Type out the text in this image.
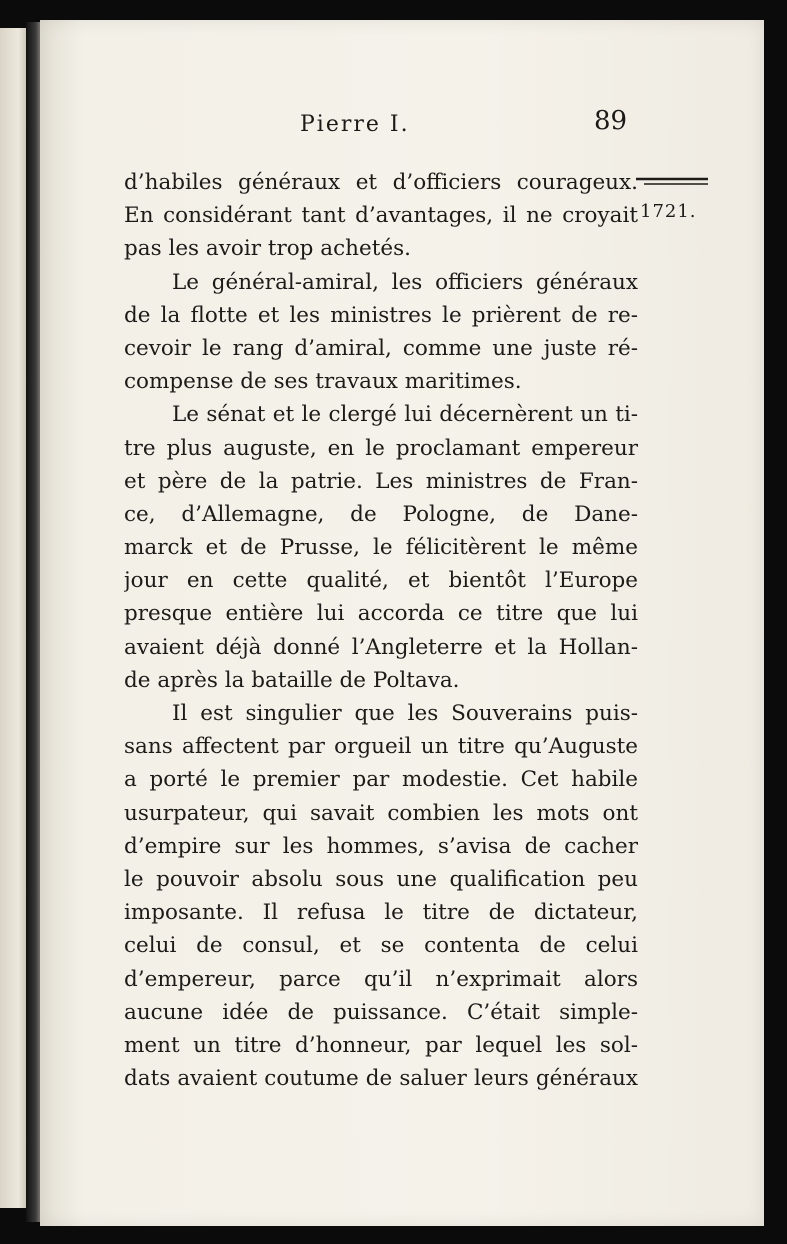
Pierre I.	89
1721.
d’habiles généraux et d’officiers courageux.
En considérant tant d’avantages, il ne croyait
pas les avoir trop achetés.
Le général-amiral, les officiers généraux
de la flotte et les ministres le prièrent de re-
cevoir le rang d’amiral, comme une juste ré-
compense de ses travaux maritimes.
Le sénat et le clergé lui décernèrent un ti-
tre plus auguste, en le proclamant empereur
et père de la patrie. Les ministres de Fran-
ce, d’Allemagne, de Pologne, de Dane-
marck et de Prusse, le félicitèrent le même
jour en cette qualité, et bientôt l’Europe
presque entière lui accorda ce titre que lui
avaient déjà donné l’Angleterre et la Hollan-
de après la bataille de Poltava.
Il est singulier que les Souverains puis-
sans affectent par orgueil un titre qu’Auguste
a porté le premier par modestie. Cet habile
usurpateur, qui savait combien les mots ont
d’empire sur les hommes, s’avisa de cacher
le pouvoir absolu sous une qualification peu
imposante. Il refusa le titre de dictateur,
celui de consul, et se contenta de celui
d’empereur, parce qu’il n’exprimait alors
aucune idée de puissance. C’était simple-
ment un titre d’honneur, par lequel les sol-
dats avaient coutume de saluer leurs généraux
